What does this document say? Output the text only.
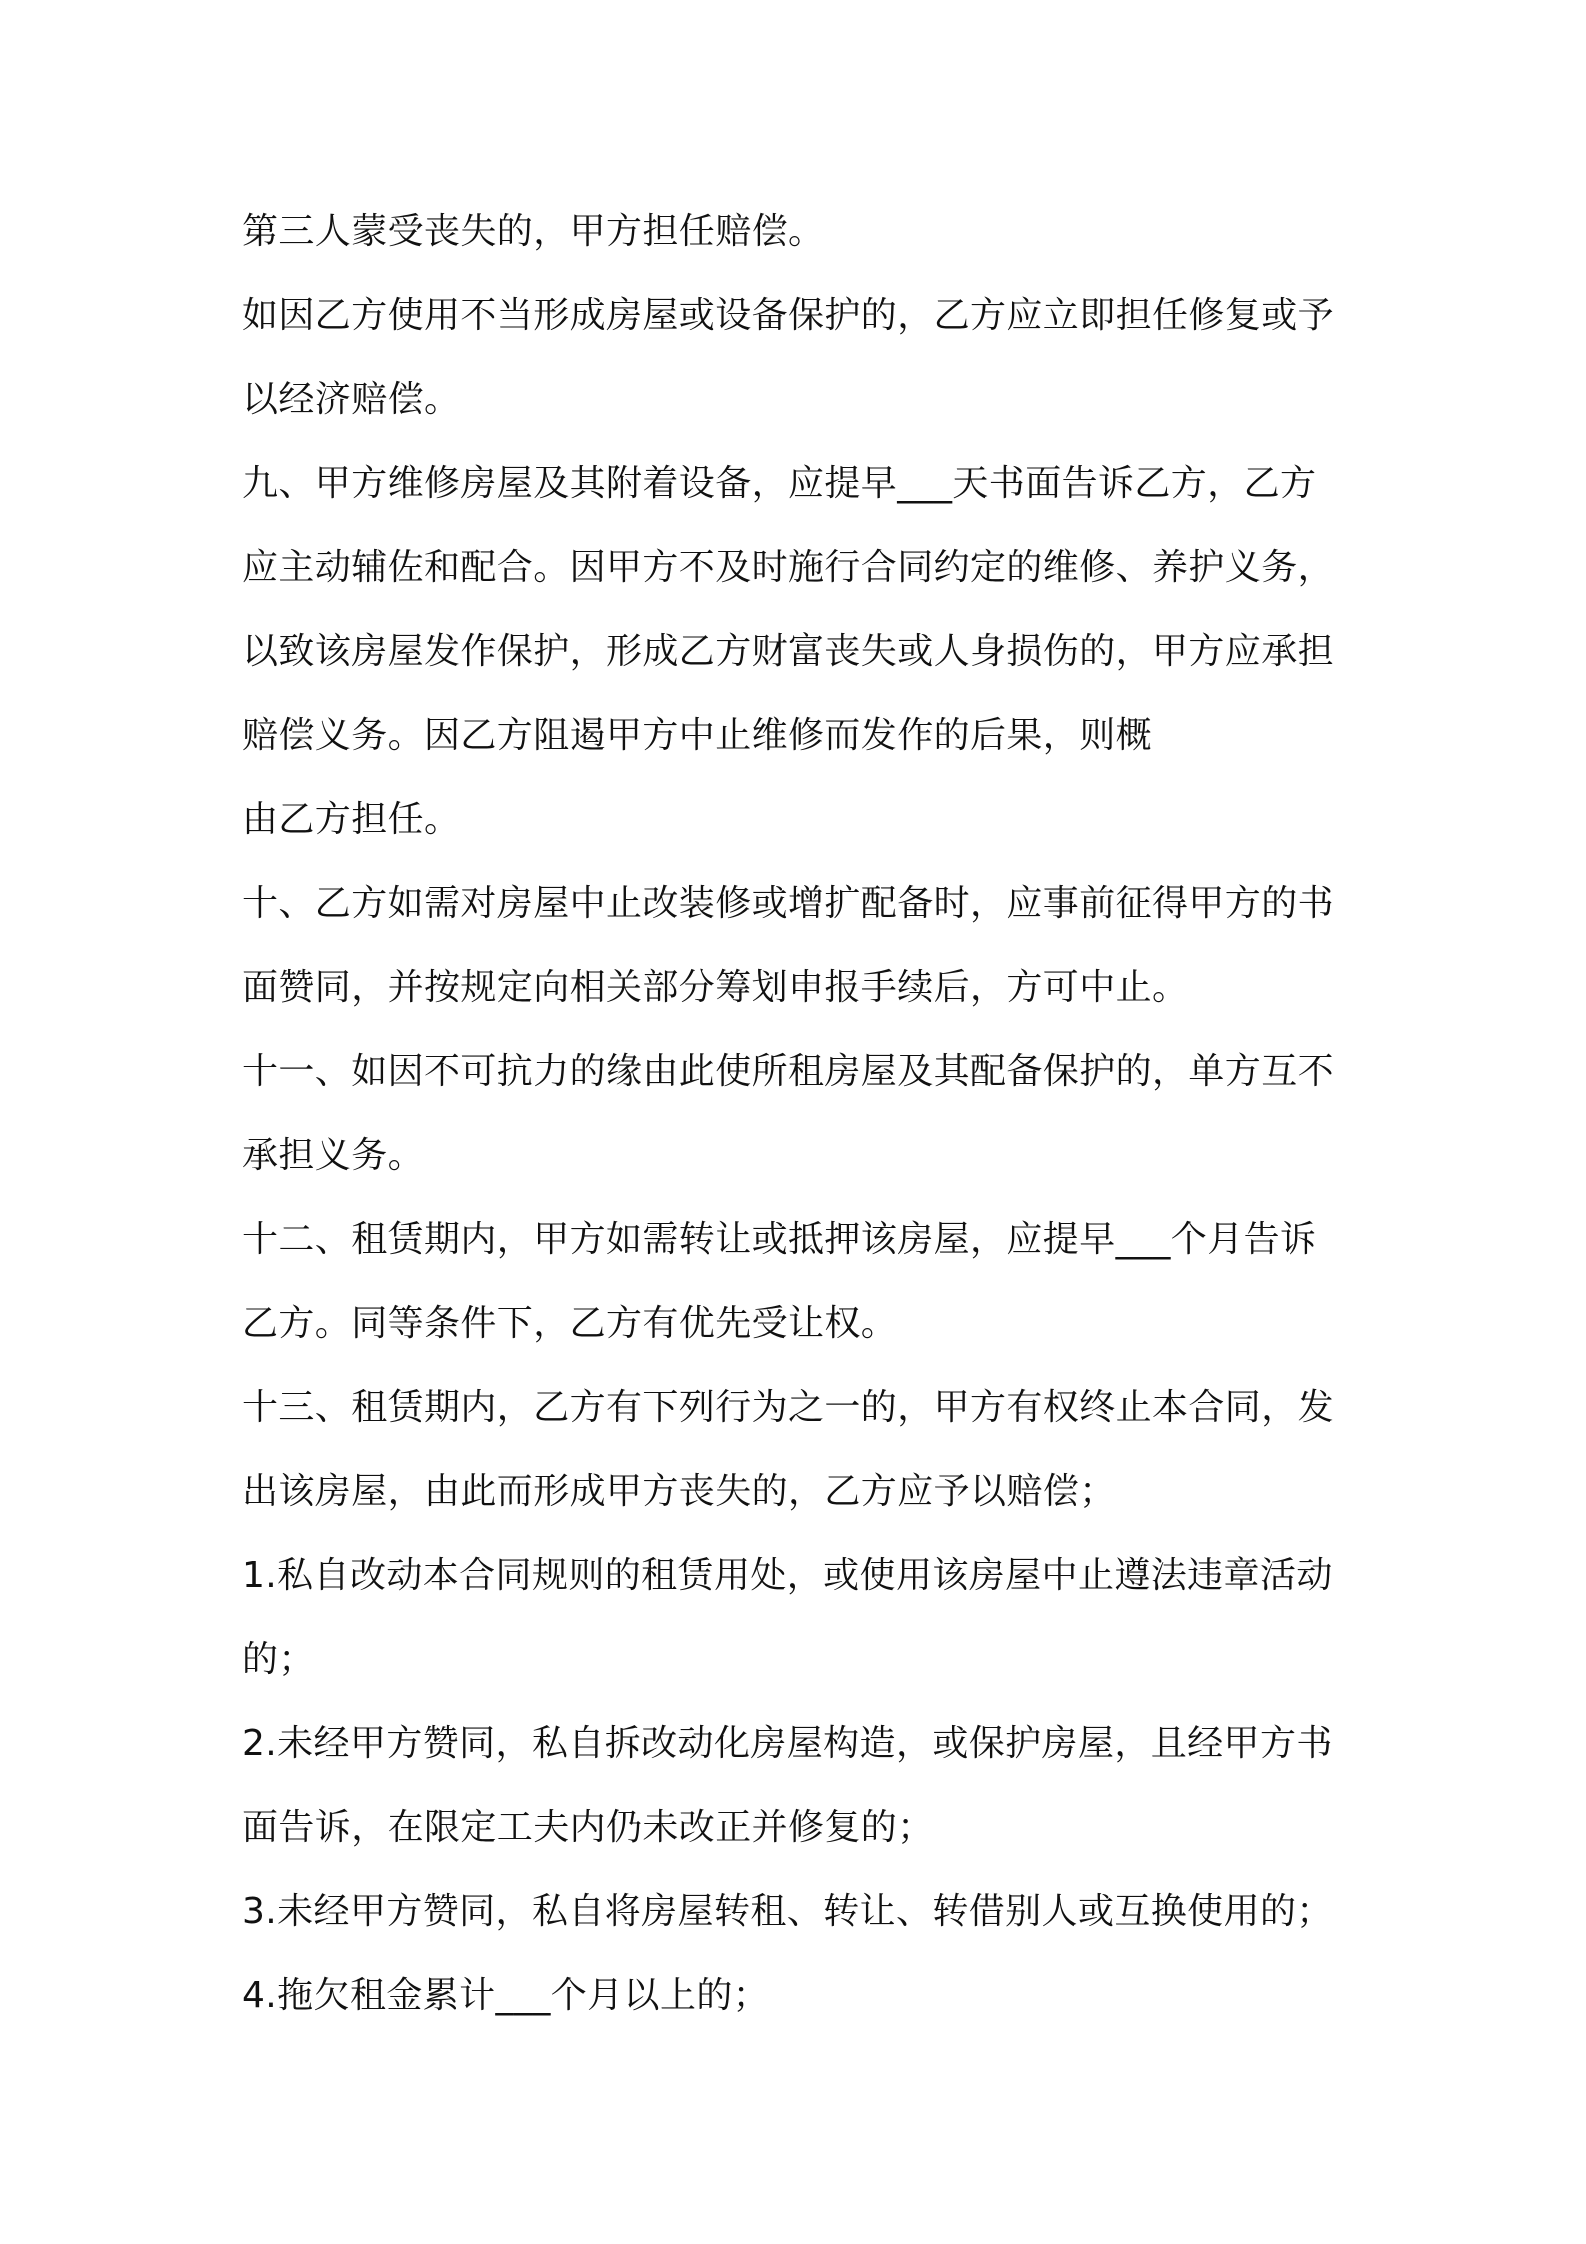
第三人蒙受丧失的，甲方担任赔偿。
如因乙方使用不当形成房屋或设备保护的，乙方应立即担任修复或予
以经济赔偿。
九、甲方维修房屋及其附着设备，应提早___天书面告诉乙方，乙方
应主动辅佐和配合。因甲方不及时施行合同约定的维修、养护义务，
以致该房屋发作保护，形成乙方财富丧失或人身损伤的，甲方应承担
赔偿义务。因乙方阻遏甲方中止维修而发作的后果，则概
由乙方担任。
十、乙方如需对房屋中止改装修或增扩配备时，应事前征得甲方的书
面赞同，并按规定向相关部分筹划申报手续后，方可中止。
十一、如因不可抗力的缘由此使所租房屋及其配备保护的，单方互不
承担义务。
十二、租赁期内，甲方如需转让或抵押该房屋，应提早___个月告诉
乙方。同等条件下，乙方有优先受让权。
十三、租赁期内，乙方有下列行为之一的，甲方有权终止本合同，发
出该房屋，由此而形成甲方丧失的，乙方应予以赔偿；
1.私自改动本合同规则的租赁用处，或使用该房屋中止遵法违章活动
的；
2.未经甲方赞同，私自拆改动化房屋构造，或保护房屋，且经甲方书
面告诉，在限定工夫内仍未改正并修复的；
3.未经甲方赞同，私自将房屋转租、转让、转借别人或互换使用的；
4.拖欠租金累计___个月以上的；
